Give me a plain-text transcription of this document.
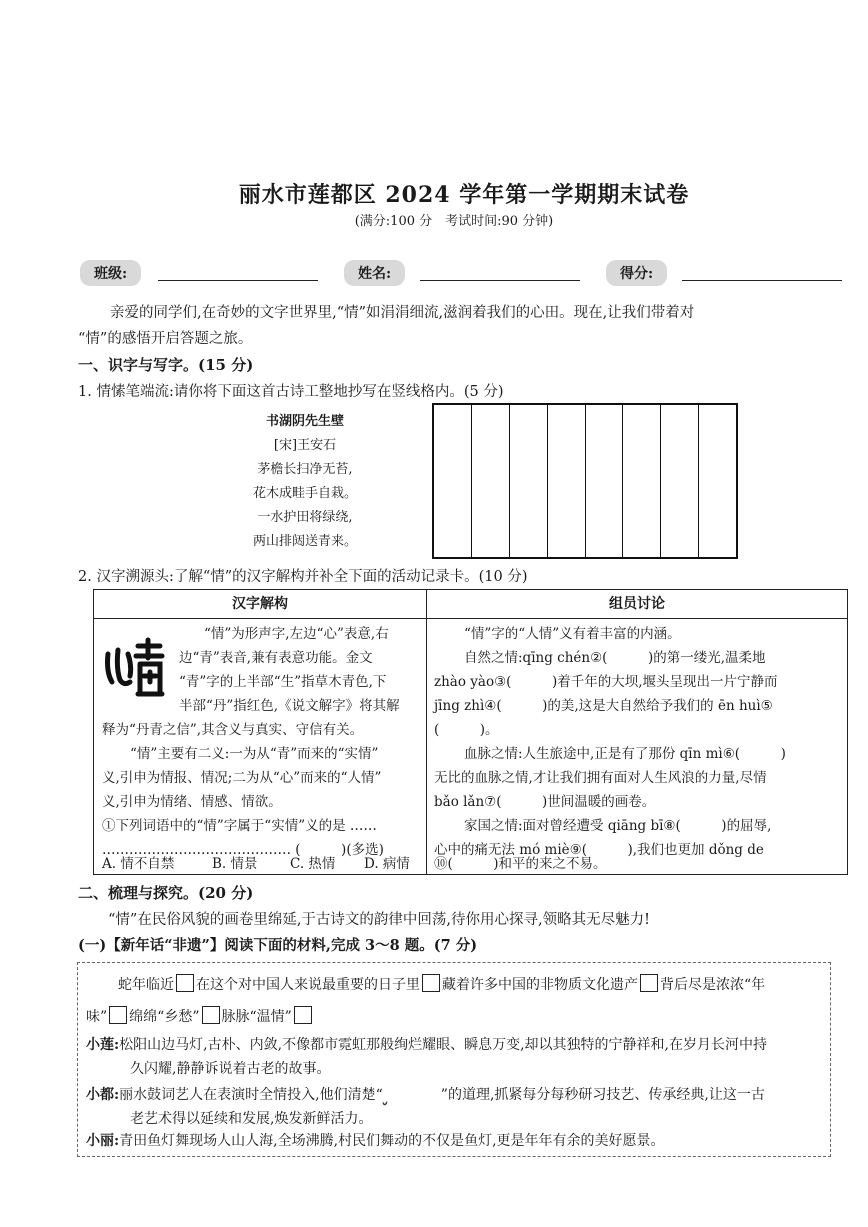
丽水市莲都区 2024 学年第一学期期末试卷
(满分:100 分　考试时间:90 分钟)
班级:	姓名:	得分:
亲爱的同学们,在奇妙的文字世界里,“情”如涓涓细流,滋润着我们的心田。现在,让我们带着对
“情”的感悟开启答题之旅。
一、识字与写字。(15 分)
1. 情愫笔端流:请你将下面这首古诗工整地抄写在竖线格内。(5 分)
书湖阴先生壁
[宋]王安石
茅檐长扫净无苔,
花木成畦手自栽。
一水护田将绿绕,
两山排闼送青来。
2. 汉字溯源头:了解“情”的汉字解构并补全下面的活动记录卡。(10 分)
汉字解构	组员讨论
“情”为形声字,左边“心”表意,右
边“青”表音,兼有表意功能。金文
“青”字的上半部“生”指草木青色,下
半部“丹”指红色,《说文解字》将其解
释为“丹青之信”,其含义与真实、守信有关。
“情”主要有二义:一为从“青”而来的“实情”
义,引申为情报、情况;二为从“心”而来的“人情”
义,引申为情绪、情感、情欲。
①下列词语中的“情”字属于“实情”义的是 ……
…………………………………… (　　　)(多选)
A. 情不自禁	B. 情景 C. 热情 D. 病情
“情”字的“人情”义有着丰富的内涵。
自然之情:qīng chén②(　　　)的第一缕光,温柔地
zhào yào③(　　　)着千年的大坝,堰头呈现出一片宁静而
jīng zhì④(　　　)的美,这是大自然给予我们的 ēn huì⑤
(　　　)。
血脉之情:人生旅途中,正是有了那份 qīn mì⑥(　　　)
无比的血脉之情,才让我们拥有面对人生风浪的力量,尽情
bǎo lǎn⑦(　　　)世间温暖的画卷。
家国之情:面对曾经遭受 qiāng bī⑧(　　　)的屈辱,
心中的痛无法 mó miè⑨(　　　),我们也更加 dǒng de
⑩(　　　)和平的来之不易。
二、梳理与探究。(20 分)
“情”在民俗风貌的画卷里绵延,于古诗文的韵律中回荡,待你用心探寻,领略其无尽魅力!
(一)【新年话“非遗”】阅读下面的材料,完成 3～8 题。(7 分)
蛇年临近 在这个对中国人来说最重要的日子里 藏着许多中国的非物质文化遗产 背后尽是浓浓“年
味” 绵绵“乡愁” 脉脉“温情”
小莲:松阳山边马灯,古朴、内敛,不像都市霓虹那般绚烂耀眼、瞬息万变,却以其独特的宁静祥和,在岁月长河中持
久闪耀,静静诉说着古老的故事。
小都:丽水鼓词艺人在表演时全情投入,他们清楚“	”的道理,抓紧每分每秒研习技艺、传承经典,让这一古
老艺术得以延续和发展,焕发新鲜活力。
小丽:青田鱼灯舞现场人山人海,全场沸腾,村民们舞动的不仅是鱼灯,更是年年有余的美好愿景。
